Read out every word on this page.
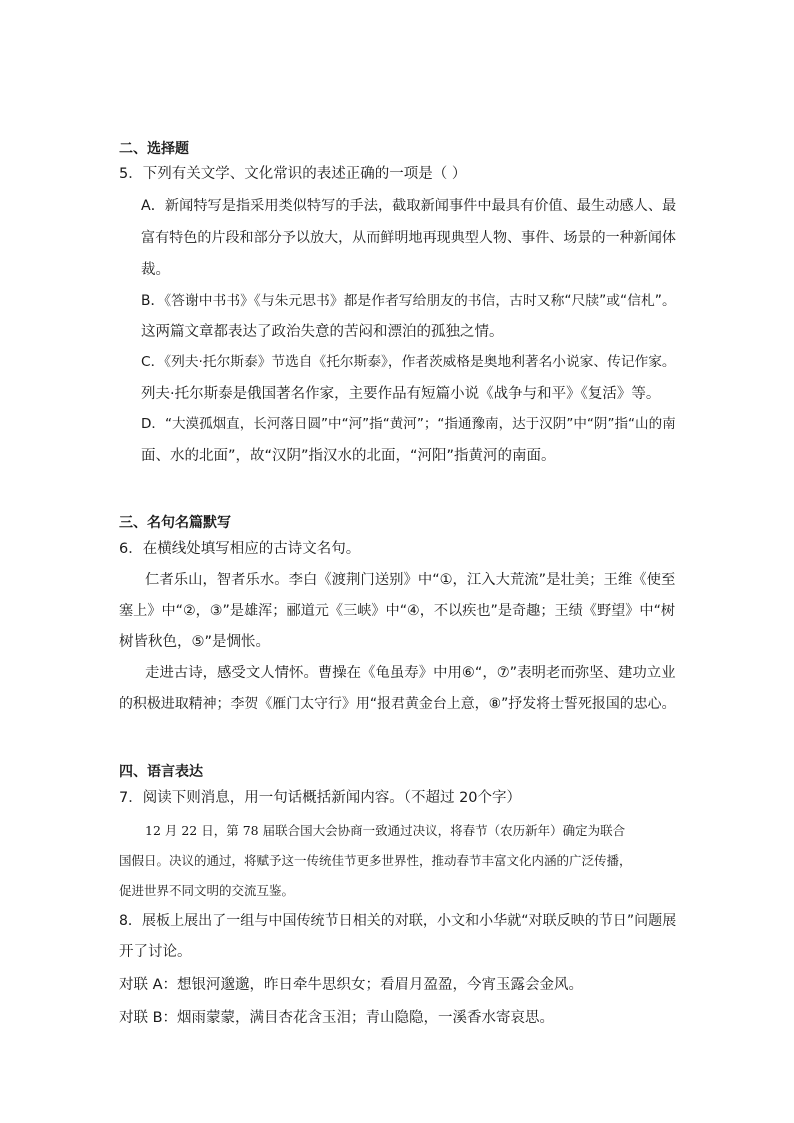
二、选择题
5．下列有关文学、文化常识的表述正确的一项是（ ）
A．新闻特写是指采用类似特写的手法，截取新闻事件中最具有价值、最生动感人、最
富有特色的片段和部分予以放大，从而鲜明地再现典型人物、事件、场景的一种新闻体
裁。
B．《答谢中书书》《与朱元思书》都是作者写给朋友的书信，古时又称“尺牍”或“信札”。
这两篇文章都表达了政治失意的苦闷和漂泊的孤独之情。
C．《列夫·托尔斯泰》节选自《托尔斯泰》，作者茨威格是奥地利著名小说家、传记作家。
列夫·托尔斯泰是俄国著名作家，主要作品有短篇小说《战争与和平》《复活》等。
D．“大漠孤烟直，长河落日圆”中“河”指“黄河”；“指通豫南，达于汉阴”中“阴”指“山的南
面、水的北面”，故“汉阴”指汉水的北面，“河阳”指黄河的南面。
三、名句名篇默写
6．在横线处填写相应的古诗文名句。
仁者乐山，智者乐水。李白《渡荆门送别》中“①，江入大荒流”是壮美；王维《使至
塞上》中“②，③”是雄浑；郦道元《三峡》中“④，不以疾也”是奇趣；王绩《野望》中“树
树皆秋色，⑤”是惆怅。
走进古诗，感受文人情怀。曹操在《龟虽寿》中用⑥“，⑦”表明老而弥坚、建功立业
的积极进取精神；李贺《雁门太守行》用“报君黄金台上意，⑧”抒发将士誓死报国的忠心。
四、语言表达
7．阅读下则消息，用一句话概括新闻内容。（不超过 20个字）
12 月 22 日，第 78 届联合国大会协商一致通过决议，将春节（农历新年）确定为联合
国假日。决议的通过，将赋予这一传统佳节更多世界性，推动春节丰富文化内涵的广泛传播，
促进世界不同文明的交流互鉴。
8．展板上展出了一组与中国传统节日相关的对联，小文和小华就“对联反映的节日”问题展
开了讨论。
对联 A：想银河邈邈，昨日牵牛思织女；看眉月盈盈，今宵玉露会金风。
对联 B：烟雨蒙蒙，满目杏花含玉泪；青山隐隐，一溪香水寄哀思。
